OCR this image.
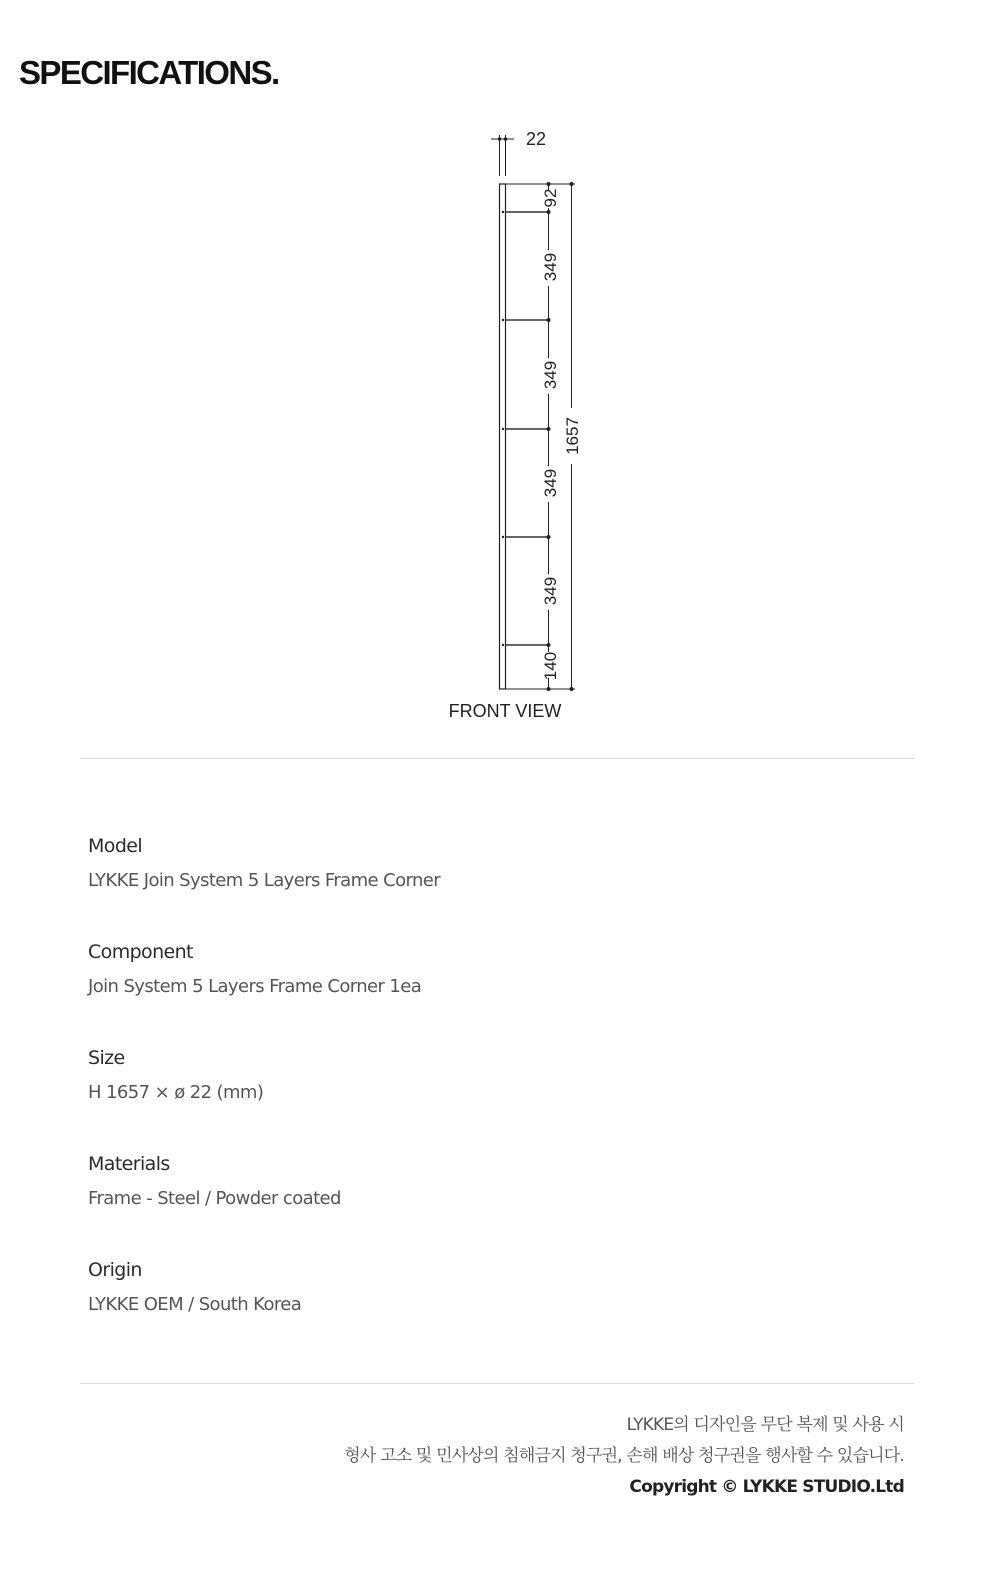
SPECIFICATIONS.
22
92
349
349
349
349
140
1657
FRONT VIEW
Model
LYKKE Join System 5 Layers Frame Corner
Component
Join System 5 Layers Frame Corner 1ea
Size
H 1657 × ø 22 (mm)
Materials
Frame - Steel / Powder coated
Origin
LYKKE OEM / South Korea
LYKKE의 디자인을 무단 복제 및 사용 시
형사 고소 및 민사상의 침해금지 청구권, 손해 배상 청구권을 행사할 수 있습니다.
Copyright © LYKKE STUDIO.Ltd
